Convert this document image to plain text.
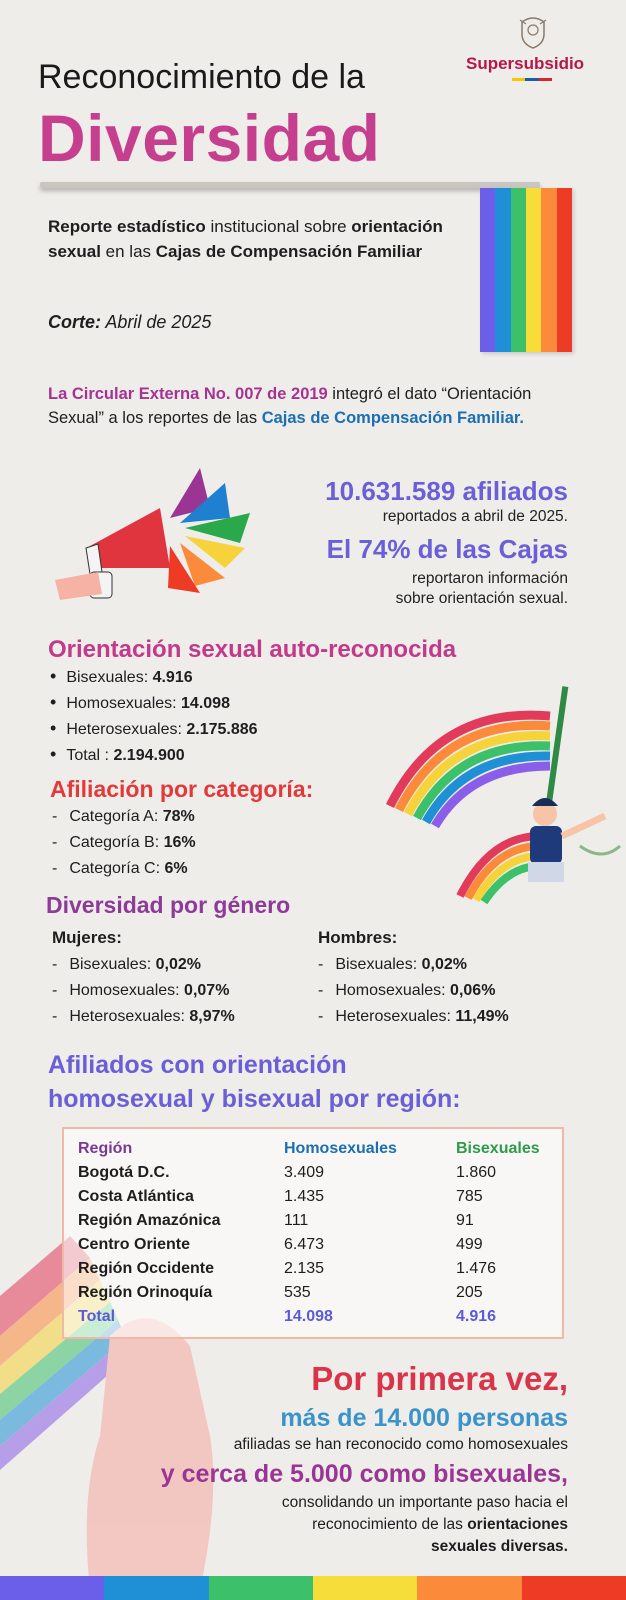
Supersubsidio
Reconocimiento de la
Diversidad
Reporte estadístico institucional sobre orientación sexual en las Cajas de Compensación Familiar
Corte: Abril de 2025
La Circular Externa No. 007 de 2019 integró el dato “Orientación Sexual” a los reportes de las Cajas de Compensación Familiar.
10.631.589 afiliados
reportados a abril de 2025.
El 74% de las Cajas
reportaron información
sobre orientación sexual.
Orientación sexual auto-reconocida
• Bisexuales: 4.916
• Homosexuales: 14.098
• Heterosexuales: 2.175.886
• Total : 2.194.900
Afiliación por categoría:
- Categoría A: 78%
- Categoría B: 16%
- Categoría C: 6%
Diversidad por género
Mujeres:	Hombres:
- Bisexuales: 0,02%
- Homosexuales: 0,07%
- Heterosexuales: 8,97%
- Bisexuales: 0,02%
- Homosexuales: 0,06%
- Heterosexuales: 11,49%
Afiliados con orientación
homosexual y bisexual por región:
Región	Homosexuales	Bisexuales
Bogotá D.C.	3.409	1.860
Costa Atlántica	1.435	785
Región Amazónica	111	91
Centro Oriente	6.473	499
Región Occidente	2.135	1.476
Región Orinoquía	535	205
Total	14.098	4.916
Por primera vez,
más de 14.000 personas
afiliadas se han reconocido como homosexuales
y cerca de 5.000 como bisexuales,
consolidando un importante paso hacia el
reconocimiento de las orientaciones
sexuales diversas.
